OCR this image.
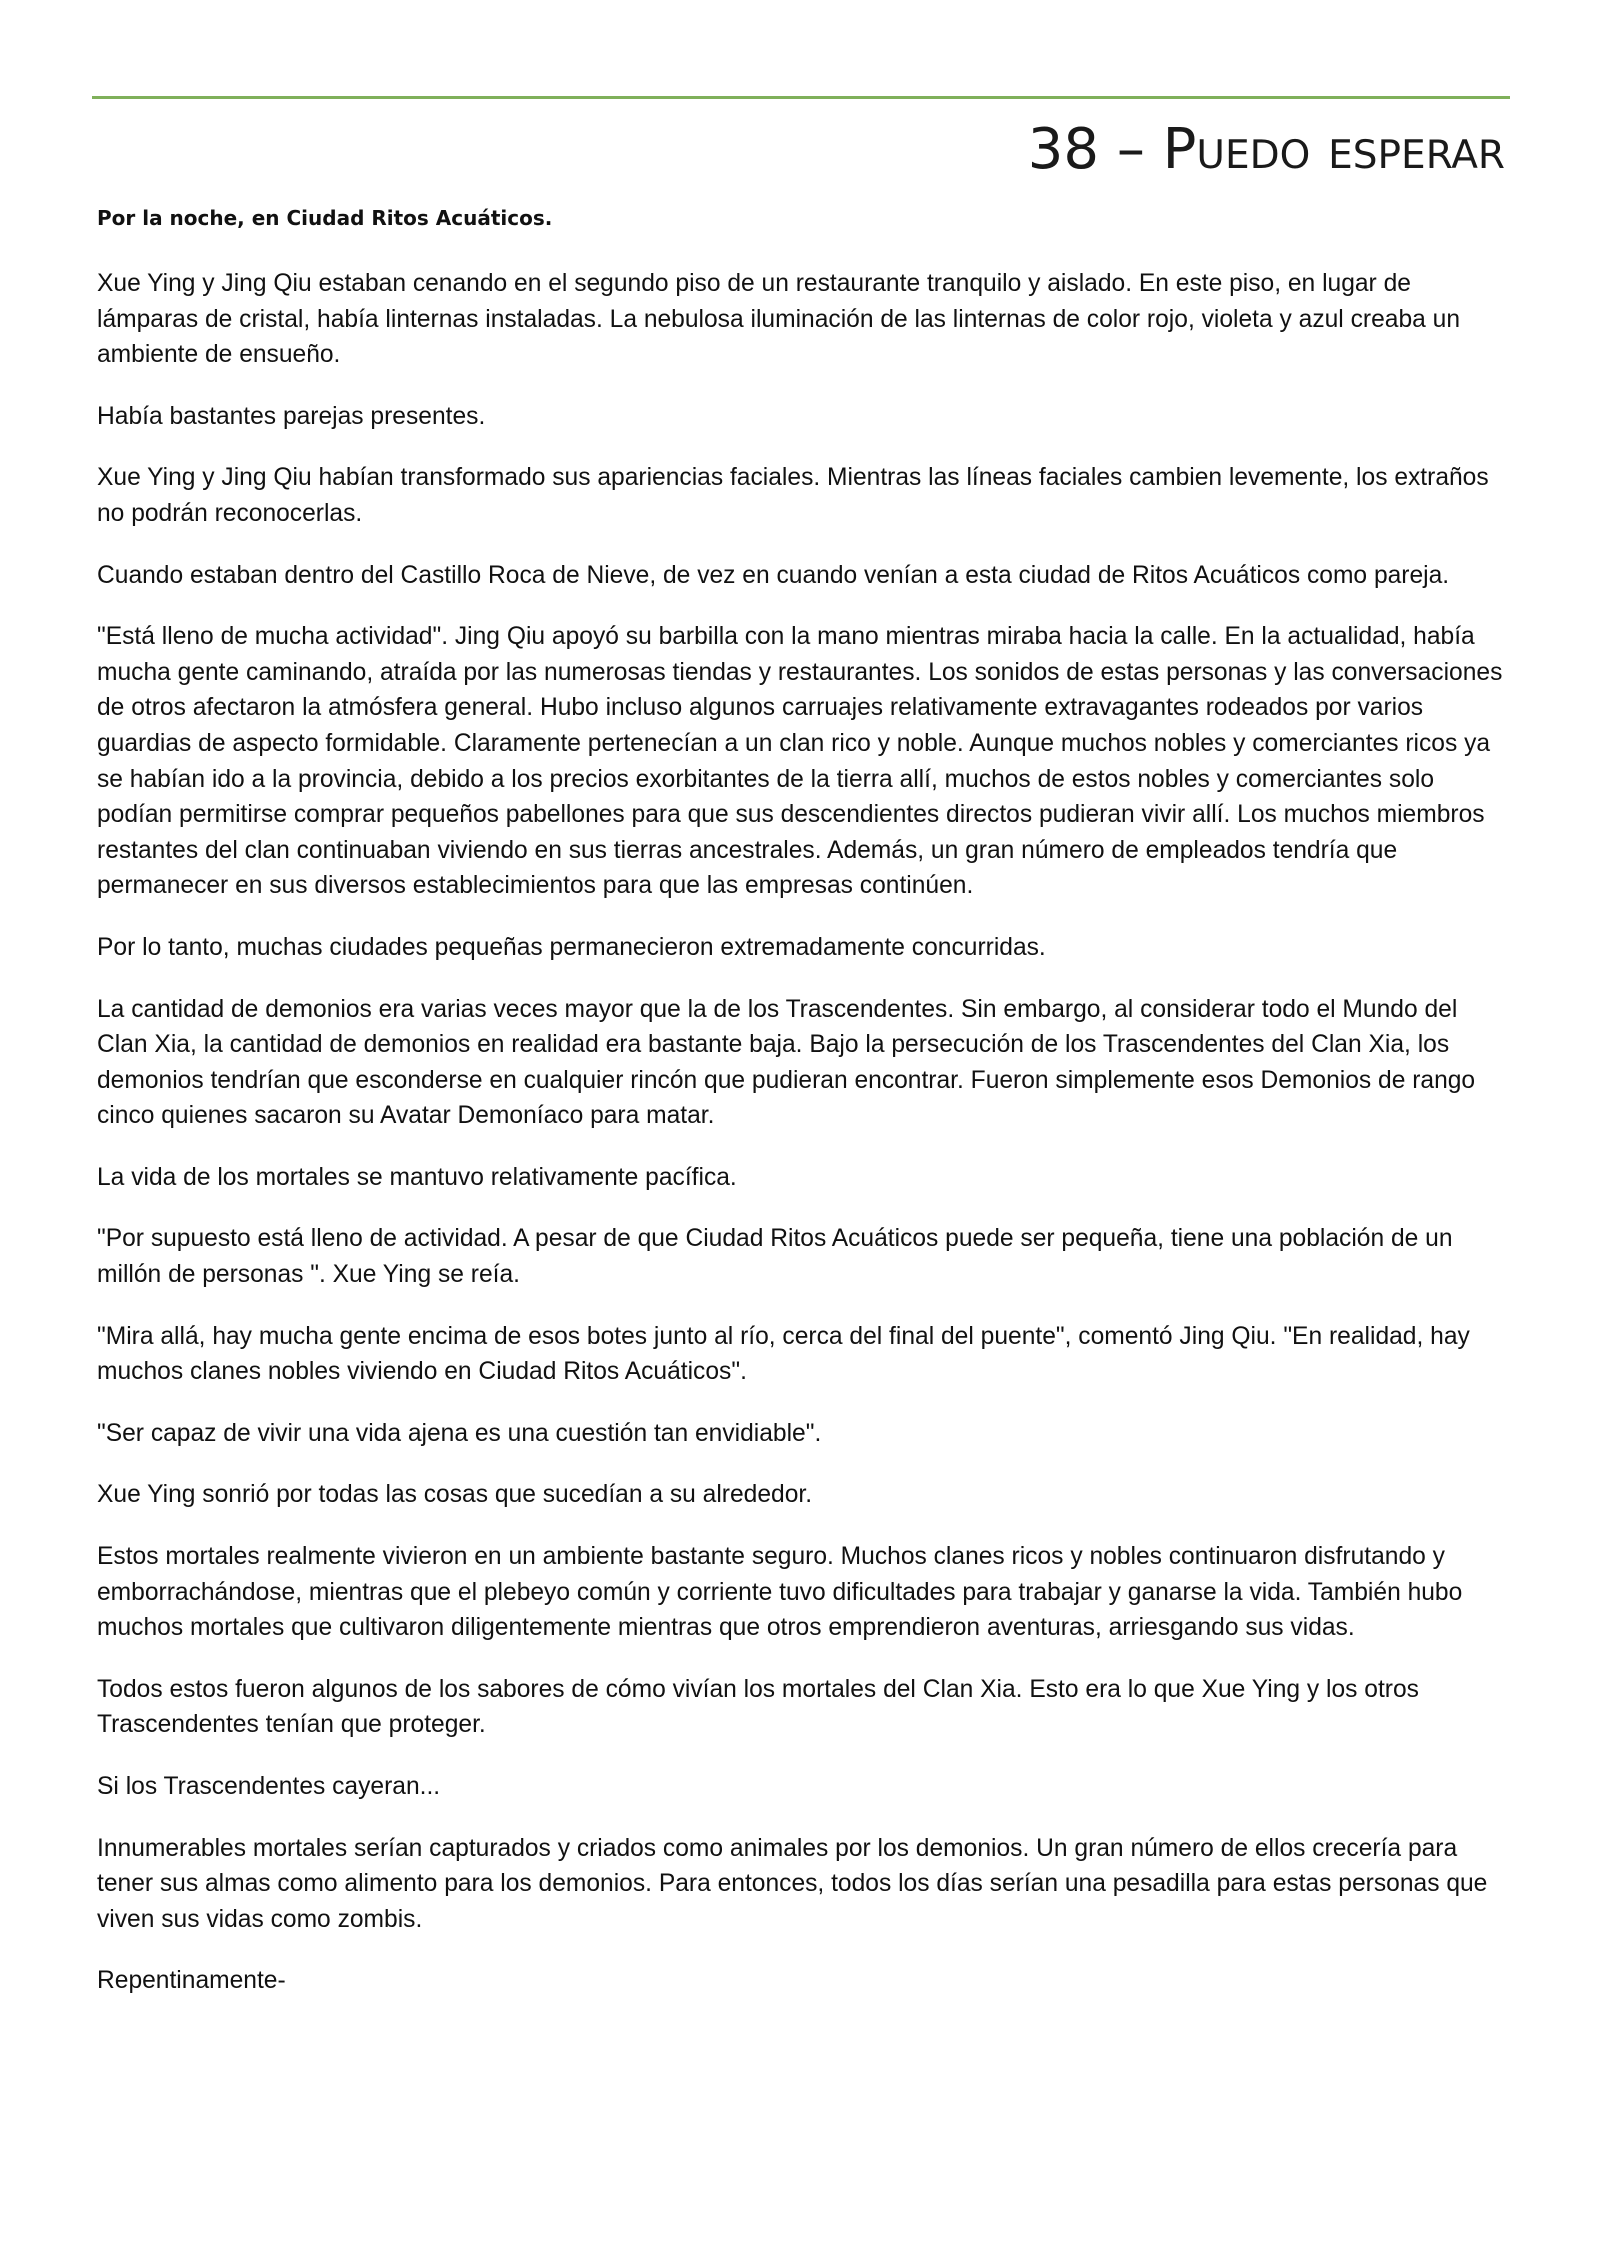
38 – Puedo esperar

Por la noche, en Ciudad Ritos Acuáticos.

Xue Ying y Jing Qiu estaban cenando en el segundo piso de un restaurante tranquilo y aislado. En este piso, en lugar de lámparas de cristal, había linternas instaladas. La nebulosa iluminación de las linternas de color rojo, violeta y azul creaba un ambiente de ensueño.

Había bastantes parejas presentes.

Xue Ying y Jing Qiu habían transformado sus apariencias faciales. Mientras las líneas faciales cambien levemente, los extraños no podrán reconocerlas.

Cuando estaban dentro del Castillo Roca de Nieve, de vez en cuando venían a esta ciudad de Ritos Acuáticos como pareja.

"Está lleno de mucha actividad". Jing Qiu apoyó su barbilla con la mano mientras miraba hacia la calle. En la actualidad, había mucha gente caminando, atraída por las numerosas tiendas y restaurantes. Los sonidos de estas personas y las conversaciones de otros afectaron la atmósfera general. Hubo incluso algunos carruajes relativamente extravagantes rodeados por varios guardias de aspecto formidable. Claramente pertenecían a un clan rico y noble. Aunque muchos nobles y comerciantes ricos ya se habían ido a la provincia, debido a los precios exorbitantes de la tierra allí, muchos de estos nobles y comerciantes solo podían permitirse comprar pequeños pabellones para que sus descendientes directos pudieran vivir allí. Los muchos miembros restantes del clan continuaban viviendo en sus tierras ancestrales. Además, un gran número de empleados tendría que permanecer en sus diversos establecimientos para que las empresas continúen.

Por lo tanto, muchas ciudades pequeñas permanecieron extremadamente concurridas.

La cantidad de demonios era varias veces mayor que la de los Trascendentes. Sin embargo, al considerar todo el Mundo del Clan Xia, la cantidad de demonios en realidad era bastante baja. Bajo la persecución de los Trascendentes del Clan Xia, los demonios tendrían que esconderse en cualquier rincón que pudieran encontrar. Fueron simplemente esos Demonios de rango cinco quienes sacaron su Avatar Demoníaco para matar.

La vida de los mortales se mantuvo relativamente pacífica.

"Por supuesto está lleno de actividad. A pesar de que Ciudad Ritos Acuáticos puede ser pequeña, tiene una población de un millón de personas ". Xue Ying se reía.

"Mira allá, hay mucha gente encima de esos botes junto al río, cerca del final del puente", comentó Jing Qiu. "En realidad, hay muchos clanes nobles viviendo en Ciudad Ritos Acuáticos".

"Ser capaz de vivir una vida ajena es una cuestión tan envidiable".

Xue Ying sonrió por todas las cosas que sucedían a su alrededor.

Estos mortales realmente vivieron en un ambiente bastante seguro. Muchos clanes ricos y nobles continuaron disfrutando y emborrachándose, mientras que el plebeyo común y corriente tuvo dificultades para trabajar y ganarse la vida. También hubo muchos mortales que cultivaron diligentemente mientras que otros emprendieron aventuras, arriesgando sus vidas.

Todos estos fueron algunos de los sabores de cómo vivían los mortales del Clan Xia. Esto era lo que Xue Ying y los otros Trascendentes tenían que proteger.

Si los Trascendentes cayeran...

Innumerables mortales serían capturados y criados como animales por los demonios. Un gran número de ellos crecería para tener sus almas como alimento para los demonios. Para entonces, todos los días serían una pesadilla para estas personas que viven sus vidas como zombis.

Repentinamente-
